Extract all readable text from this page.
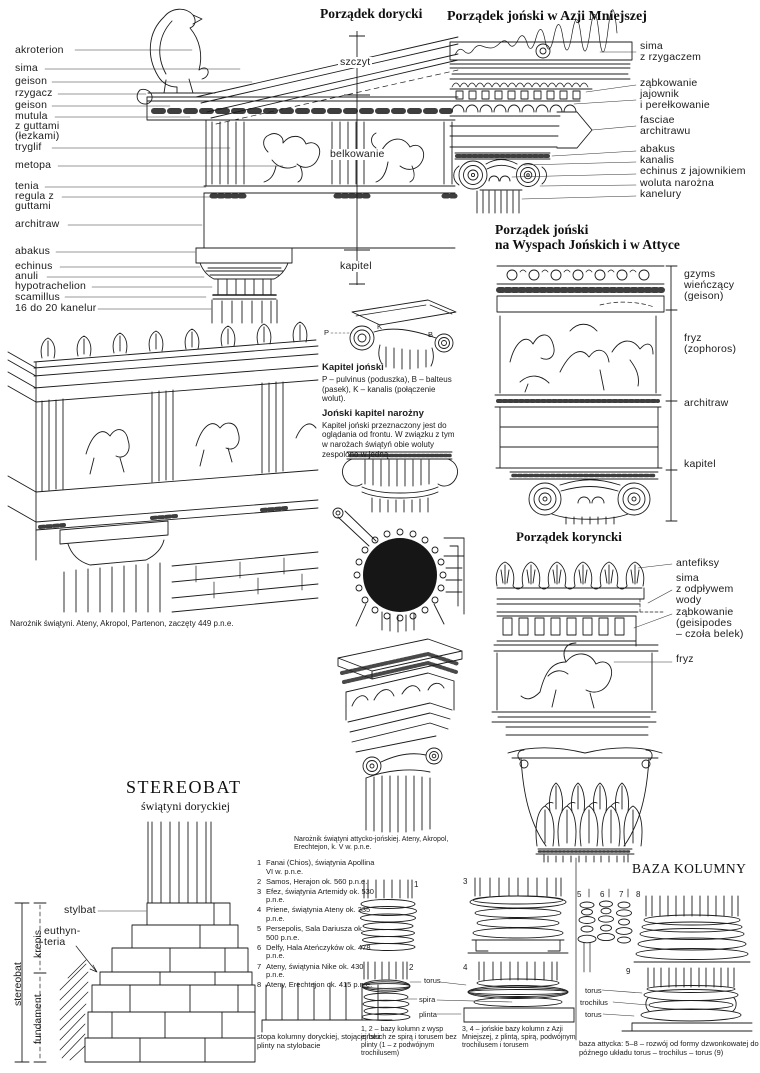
Porządek dorycki Porządek joński w Azji Mniejszej
Porządek joński
na Wyspach Jońskich i w Attyce
Porządek koryncki
STEREOBAT
świątyni doryckiej
BAZA KOLUMNY
akroterion
sima
geison
rzygacz
geison
mutula
z guttami
(łezkami)
tryglif
metopa
tenia
regula z
guttami
architraw
abakus
echinus
anuli
hypotrachelion
scamillus
16 do 20 kanelur
szczyt
belkowanie
kapitel
sima
z rzygaczem
ząbkowanie
jajownik
i perełkowanie
fasciae
architrawu
abakus
kanalis
echinus z jajownikiem
woluta narożna
kanelury
gzyms
wieńczący
(geison)
fryz
(zophoros)
architraw
kapitel
antefiksy
sima
z odpływem
wody
ząbkowanie
(geisipodes
– czoła belek)
fryz
P
K
B
Kapitel joński

P – pulvinus (poduszka), B – balteus (pasek), K – kanalis (połączenie wolut).

Joński kapitel narożny

Kapitel joński przeznaczony jest do oglądania od frontu. W związku z tym w narożach świątyń obie woluty zespolono w jedną.

Narożnik świątyni. Ateny, Akropol, Partenon, zaczęty 449 p.n.e.
Narożnik świątyni attycko-jońskiej. Ateny, Akropol, Erechtejon, k. V w. p.n.e.
stylbat
euthyn-
teria
krepis
stereobat
fundament
1 Fanai (Chios), świątynia Apollina VI w. p.n.e.
2 Samos, Herajon ok. 560 p.n.e.
3 Efez, świątynia Artemidy ok. 530 p.n.e.
4 Priene, świątynia Ateny ok. 335 p.n.e.
5 Persepolis, Sala Dariusza ok. 500 p.n.e.
6 Delfy, Hala Ateńczyków ok. 478 p.n.e.
7 Ateny, świątynia Nike ok. 430 p.n.e.
8 Ateny, Erechtejon ok. 415 p.n.e.
stopa kolumny doryckiej, stojącej bez plinty na stylobacie
1
2
3
4
torus
spira
plinta
1, 2 – bazy kolumn z wysp jońskich ze spirą i torusem bez plinty (1 – z podwójnym trochilusem)
3, 4 – jońskie bazy kolumn z Azji Mniejszej, z plintą, spirą, podwójnym trochilusem i torusem
5 6 7 8
9
torus
trochilus
torus
baza attycka: 5–8 – rozwój od formy dzwonkowatej do późnego układu torus – trochilus – torus (9)
